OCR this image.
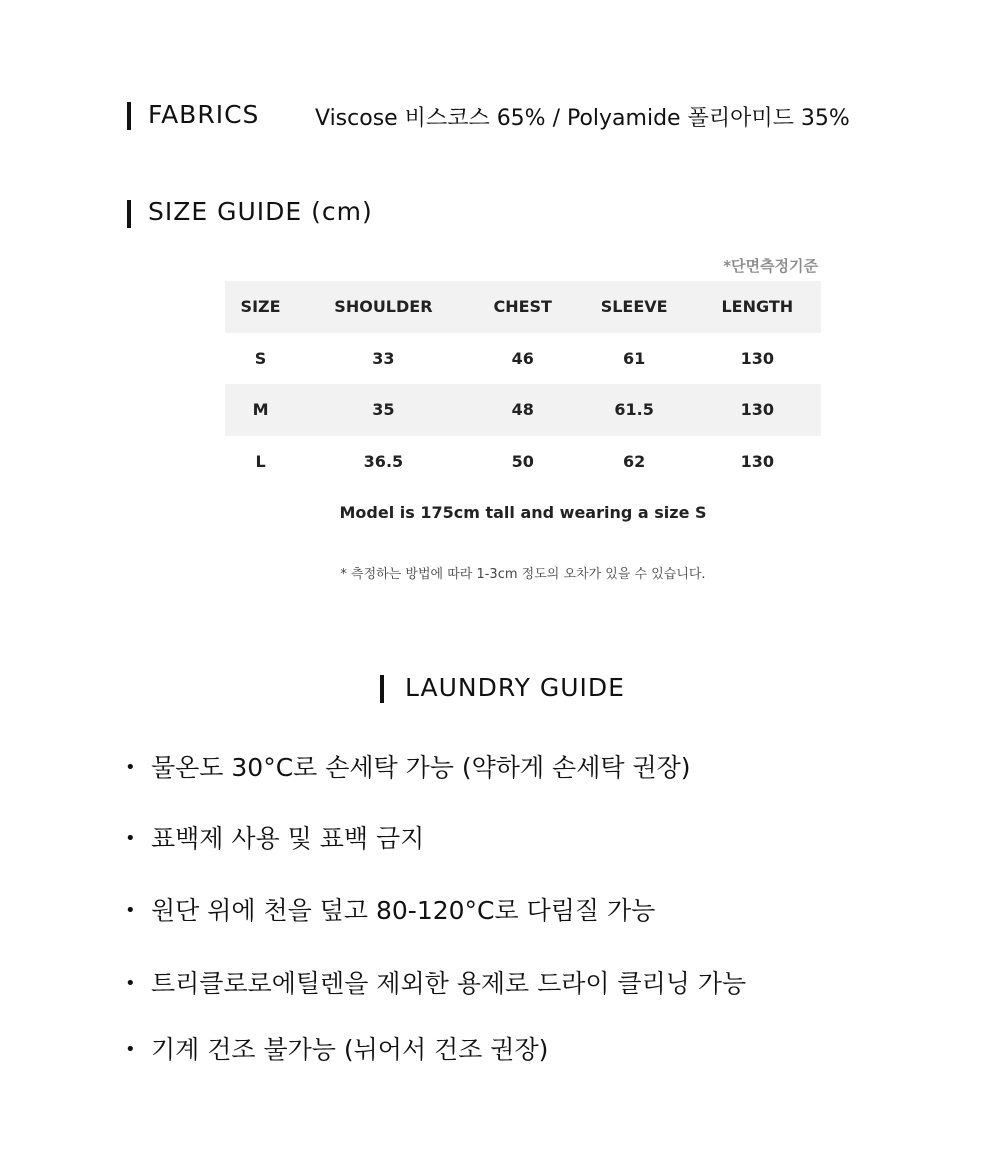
FABRICS	Viscose 비스코스 65% / Polyamide 폴리아미드 35%
SIZE GUIDE (cm)
*단면측정기준
SIZE	SHOULDER	CHEST	SLEEVE	LENGTH
S	33	46	61	130
M	35	48	61.5	130
L	36.5	50	62	130
Model is 175cm tall and wearing a size S
* 측정하는 방법에 따라 1-3cm 정도의 오차가 있을 수 있습니다.
LAUNDRY GUIDE
• 물온도 30°C로 손세탁 가능 (약하게 손세탁 권장)
• 표백제 사용 및 표백 금지
• 원단 위에 천을 덮고 80-120°C로 다림질 가능
• 트리클로로에틸렌을 제외한 용제로 드라이 클리닝 가능
• 기계 건조 불가능 (뉘어서 건조 권장)
